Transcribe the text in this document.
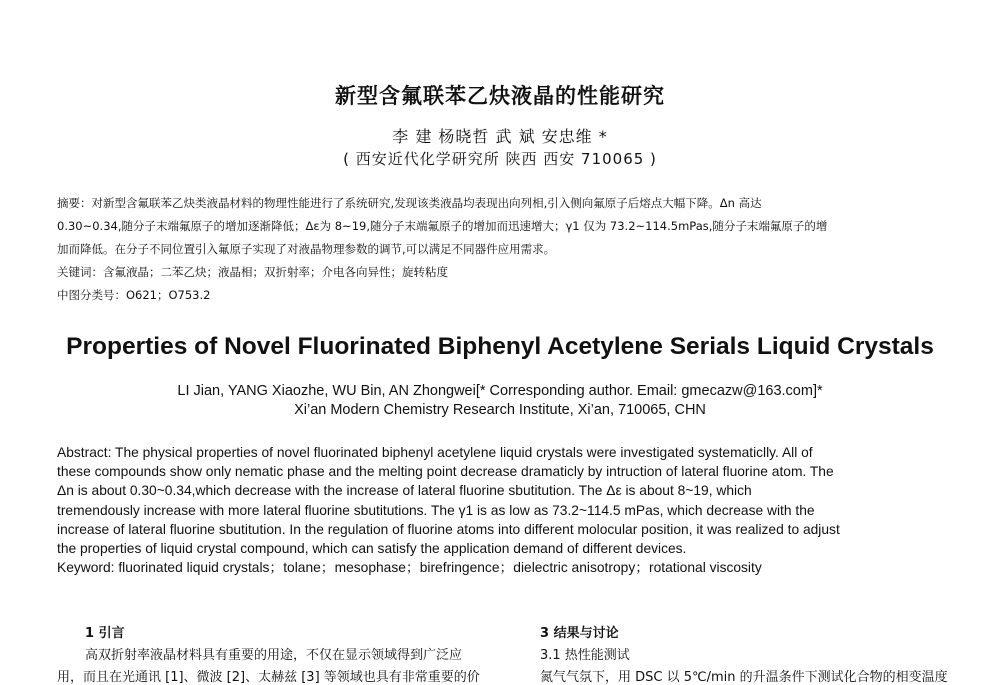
新型含氟联苯乙炔液晶的性能研究
李 建 杨晓哲 武 斌 安忠维 *
( 西安近代化学研究所 陕西 西安 710065 )

摘要：对新型含氟联苯乙炔类液晶材料的物理性能进行了系统研究,发现该类液晶均表现出向列相,引入侧向氟原子后熔点大幅下降。Δn 高达

0.30~0.34,随分子末端氟原子的增加逐渐降低；Δε为 8~19,随分子末端氟原子的增加而迅速增大；γ1 仅为 73.2~114.5mPas,随分子末端氟原子的增

加而降低。在分子不同位置引入氟原子实现了对液晶物理参数的调节,可以满足不同器件应用需求。

关键词：含氟液晶；二苯乙炔；液晶相；双折射率；介电各向异性；旋转粘度

中图分类号：O621；O753.2

Properties of Novel Fluorinated Biphenyl Acetylene Serials Liquid Crystals
LI Jian, YANG Xiaozhe, WU Bin, AN Zhongwei[* Corresponding author. Email: gmecazw@163.com]*
Xi’an Modern Chemistry Research Institute, Xi’an, 710065, CHN

Abstract: The physical properties of novel fluorinated biphenyl acetylene liquid crystals were investigated systematiclly. All of

these compounds show only nematic phase and the melting point decrease dramaticly by intruction of lateral fluorine atom. The

Δn is about 0.30~0.34,which decrease with the increase of lateral fluorine sbutitution. The Δε is about 8~19, which

tremendously increase with more lateral fluorine sbutitutions. The γ1 is as low as 73.2~114.5 mPas, which decrease with the

increase of lateral fluorine sbutitution. In the regulation of fluorine atoms into different molocular position, it was realized to adjust

the properties of liquid crystal compound, which can satisfy the application demand of different devices.

Keyword: fluorinated liquid crystals；tolane；mesophase；birefringence；dielectric anisotropy；rotational viscosity

1 引言
高双折射率液晶材料具有重要的用途，不仅在显示领域得到广泛应
用，而且在光通讯 [1]、微波 [2]、太赫兹 [3] 等领域也具有非常重要的价
3 结果与讨论
3.1 热性能测试
氮气气氛下，用 DSC 以 5℃/min 的升温条件下测试化合物的相变温度
